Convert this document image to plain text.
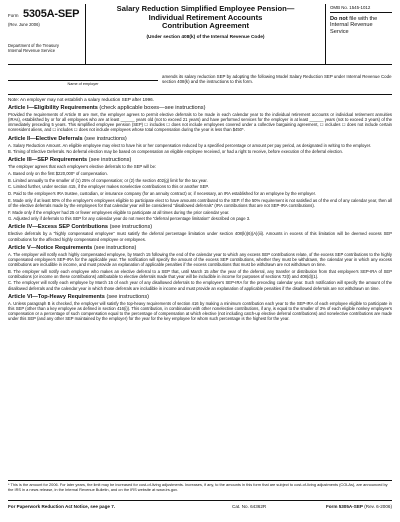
Form 5305A-SEP
(Rev. June 2006)
Department of the Treasury
Internal Revenue Service
Salary Reduction Simplified Employee Pension—
Individual Retirement Accounts
Contribution Agreement
(Under section 408(k) of the Internal Revenue Code)
OMB No. 1545-1012
Do not file with the Internal Revenue Service
Name of employer
amends its salary reduction SEP by adopting the following Model Salary Reduction SEP under Internal Revenue Code section 408(k) and the instructions to this form.
Note: An employer may not establish a salary reduction SEP after 1996.
Article I—Eligibility Requirements (check applicable boxes—see instructions)
Provided the requirements of Article III are met, the employer agrees to permit elective deferrals to be made in each calendar year to the individual retirement accounts or individual retirement annuities (IRAs), established by or for all employees who are at least ______ years old (not to exceed 21 years) and have performed services for the employer in at least ______ years (not to exceed 3 years) of the immediately preceding 5 years. This simplified employee pension (SEP) ☐ includes ☐ does not include employees covered under a collective bargaining agreement, ☐ includes ☐ does not include certain nonresident aliens, and ☐ includes ☐ does not include employees whose total compensation during the year is less than $450*.
Article II—Elective Deferrals (see instructions)
A. Salary Reduction Amount. An eligible employee may elect to have his or her compensation reduced by a specified percentage or amount per pay period, as designated in writing to the employer.
B. Timing of Elective Deferrals. No deferral election may be based on compensation an eligible employee received, or had a right to receive, before execution of the deferral election.
Article III—SEP Requirements (see instructions)
The employer agrees that each employee's elective deferrals to the SEP will be:
A. Based only on the first $220,000* of compensation.
B. Limited annually to the smaller of (1) 25% of compensation; or (2) the section 402(g) limit for the tax year.
C. Limited further, under section 415, if the employer makes nonelective contributions to this or another SEP.
D. Paid to the employee's IRA trustee, custodian, or insurance company (for an annuity contract) or, if necessary, an IRA established for an employee by the employer.
E. Made only if at least 50% of the employer's employees eligible to participate elect to have amounts contributed to the SEP. If the 50% requirement is not satisfied as of the end of any calendar year, then all of the elective deferrals made by the employees for that calendar year will be considered "disallowed deferrals" (IRA contributions that are not SEP-IRA contributions).
F. Made only if the employer had 25 or fewer employees eligible to participate at all times during the prior calendar year.
G. Adjusted only if deferrals to this SEP for any calendar year do not meet the "deferral percentage limitation" described on page 3.
Article IV—Excess SEP Contributions (see instructions)
Elective deferrals by a "highly compensated employee" must satisfy the deferral percentage limitation under section 408(k)(6)(A)(iii). Amounts in excess of this limitation will be deemed excess SEP contributions for the affected highly compensated employee or employees.
Article V—Notice Requirements (see instructions)
A. The employer will notify each highly compensated employee, by March 15 following the end of the calendar year to which any excess SEP contributions relate, of the excess SEP contributions to the highly compensated employee's SEP-IRA for the applicable year. The notification will specify the amount of the excess SEP contributions, whether they must be withdrawn, the calendar year in which any excess contributions are includible in income, and must provide an explanation of applicable penalties if the excess contributions that must be withdrawn are not withdrawn on time.
B. The employer will notify each employee who makes an elective deferral to a SEP that, until March 15 after the year of the deferral, any transfer or distribution from that employee's SEP-IRA of SEP contributions (or income on these contributions) attributable to elective deferrals made that year will be includible in income for purposes of sections 72(t) and 408(d)(1).
C. The employer will notify each employee by March 15 of each year of any disallowed deferrals to the employee's SEP-IRA for the preceding calendar year. Such notification will specify the amount of the disallowed deferrals and the calendar year in which those deferrals are includible in income and must provide an explanation of applicable penalties if the disallowed deferrals are not withdrawn on time.
Article VI—Top-Heavy Requirements (see instructions)
A. Unless paragraph B is checked, the employer will satisfy the top-heavy requirements of section 416 by making a minimum contribution each year to the SEP-IRA of each employee eligible to participate in this SEP (other than a key employee as defined in section 416(i)). This contribution, in combination with other nonelective contributions, if any, is equal to the smaller of 3% of each eligible nonkey employee's compensation or a percentage of such compensation equal to the percentage of compensation at which elective (not including catch-up elective deferral contributions) and nonelective contributions are made under this SEP (and any other SEP maintained by the employer) for the year for the key employee for whom such percentage is the highest for the year.
* This is the amount for 2006. For later years, the limit may be increased for cost-of-living adjustments. Increases, if any, to the amounts in this form that are subject to cost-of-living adjustments (COLAs), are announced by the IRS in a news release, in the Internal Revenue Bulletin, and on the IRS website at www.irs.gov.
For Paperwork Reduction Act Notice, see page 7.	Cat. No. 64362R	Form 5305A-SEP (Rev. 6-2006)
